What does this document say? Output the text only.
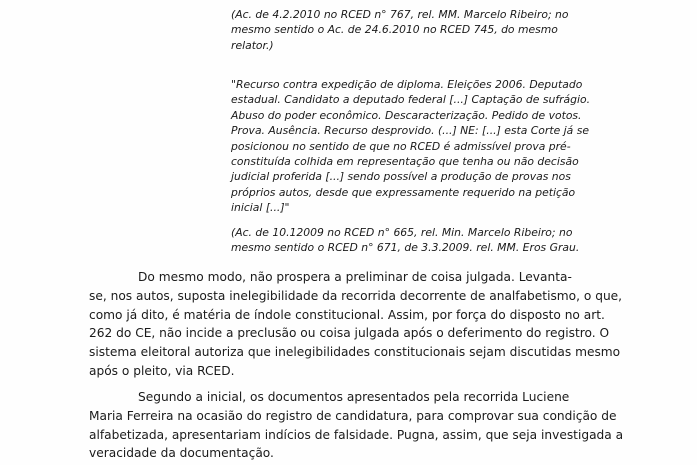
(Ac. de 4.2.2010 no RCED n° 767, rel. MM. Marcelo Ribeiro; no
mesmo sentido o Ac. de 24.6.2010 no RCED 745, do mesmo
relator.)
"Recurso contra expedição de diploma. Eleições 2006. Deputado
estadual. Candidato a deputado federal [...] Captação de sufrágio.
Abuso do poder econômico. Descaracterização. Pedido de votos.
Prova. Ausência. Recurso desprovido. (...] NE: [...] esta Corte já se
posicionou no sentido de que no RCED é admissível prova pré-
constituída colhida em representação que tenha ou não decisão
judicial proferida [...] sendo possível a produção de provas nos
próprios autos, desde que expressamente requerido na petição
inicial [...]"
(Ac. de 10.12009 no RCED n° 665, rel. Min. Marcelo Ribeiro; no
mesmo sentido o RCED n° 671, de 3.3.2009. rel. MM. Eros Grau.
Do mesmo modo, não prospera a preliminar de coisa julgada. Levanta-
se, nos autos, suposta inelegibilidade da recorrida decorrente de analfabetismo, o que,
como já dito, é matéria de índole constitucional. Assim, por força do disposto no art.
262 do CE, não incide a preclusão ou coisa julgada após o deferimento do registro. O
sistema eleitoral autoriza que inelegibilidades constitucionais sejam discutidas mesmo
após o pleito, via RCED.
Segundo a inicial, os documentos apresentados pela recorrida Luciene
Maria Ferreira na ocasião do registro de candidatura, para comprovar sua condição de
alfabetizada, apresentariam indícios de falsidade. Pugna, assim, que seja investigada a
veracidade da documentação.
